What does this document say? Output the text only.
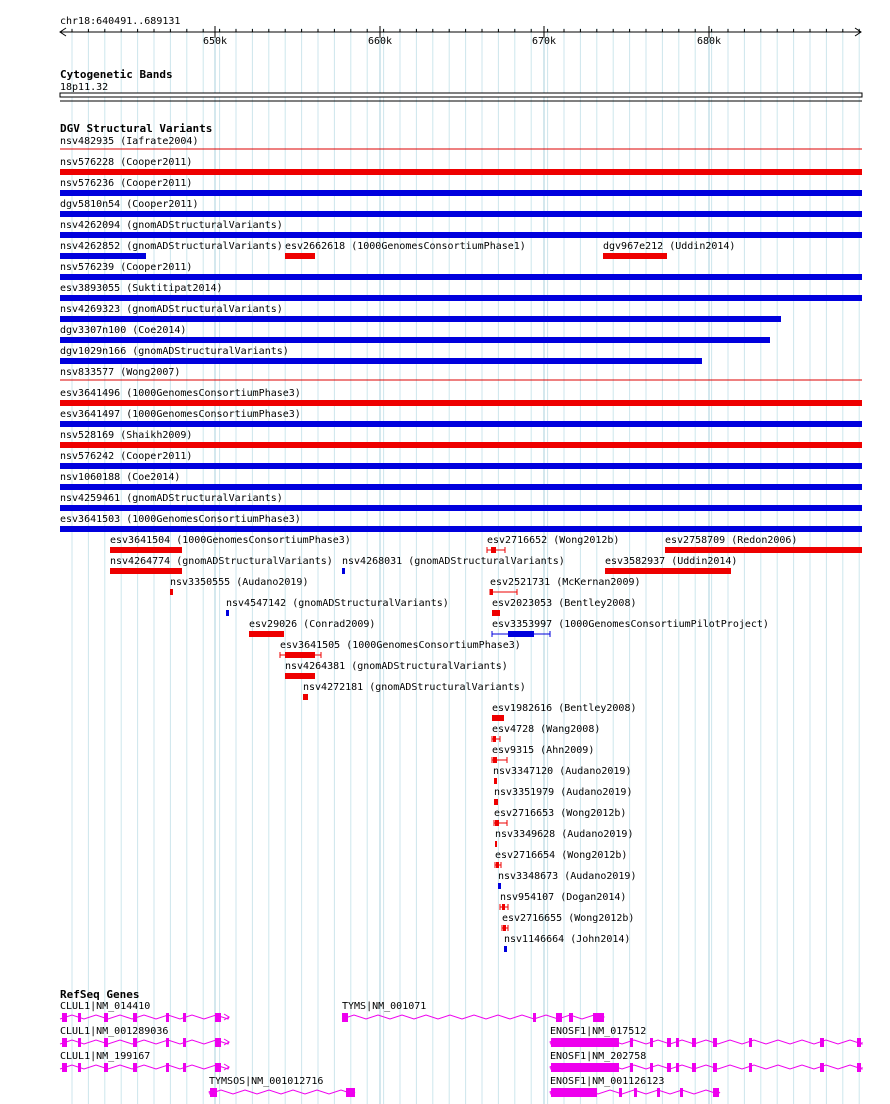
chr18:640491..689131
650k	660k	670k	680k
Cytogenetic Bands
18p11.32
DGV Structural Variants
nsv482935 (Iafrate2004)
nsv576228 (Cooper2011)
nsv576236 (Cooper2011)
dgv5810n54 (Cooper2011)
nsv4262094 (gnomADStructuralVariants)
nsv4262852 (gnomADStructuralVariants) esv2662618 (1000GenomesConsortiumPhase1)	dgv967e212 (Uddin2014)
nsv576239 (Cooper2011)
esv3893055 (Suktitipat2014)
nsv4269323 (gnomADStructuralVariants)
dgv3307n100 (Coe2014)
dgv1029n166 (gnomADStructuralVariants)
nsv833577 (Wong2007)
esv3641496 (1000GenomesConsortiumPhase3)
esv3641497 (1000GenomesConsortiumPhase3)
nsv528169 (Shaikh2009)
nsv576242 (Cooper2011)
nsv1060188 (Coe2014)
nsv4259461 (gnomADStructuralVariants)
esv3641503 (1000GenomesConsortiumPhase3)
esv3641504 (1000GenomesConsortiumPhase3)	esv2716652 (Wong2012b)	esv2758709 (Redon2006)
nsv4264774 (gnomADStructuralVariants) nsv4268031 (gnomADStructuralVariants)	esv3582937 (Uddin2014)
nsv3350555 (Audano2019)	esv2521731 (McKernan2009)
nsv4547142 (gnomADStructuralVariants)	esv2023053 (Bentley2008)
esv29026 (Conrad2009)	esv3353997 (1000GenomesConsortiumPilotProject)
esv3641505 (1000GenomesConsortiumPhase3)
nsv4264381 (gnomADStructuralVariants)
nsv4272181 (gnomADStructuralVariants)
esv1982616 (Bentley2008)
esv4728 (Wang2008)
esv9315 (Ahn2009)
nsv3347120 (Audano2019)
nsv3351979 (Audano2019)
esv2716653 (Wong2012b)
nsv3349628 (Audano2019)
esv2716654 (Wong2012b)
nsv3348673 (Audano2019)
nsv954107 (Dogan2014)
esv2716655 (Wong2012b)
nsv1146664 (John2014)
RefSeq Genes
CLUL1|NM_014410	TYMS|NM_001071
CLUL1|NM_001289036	ENOSF1|NM_017512
CLUL1|NM_199167	ENOSF1|NM_202758
TYMSOS|NM_001012716	ENOSF1|NM_001126123
